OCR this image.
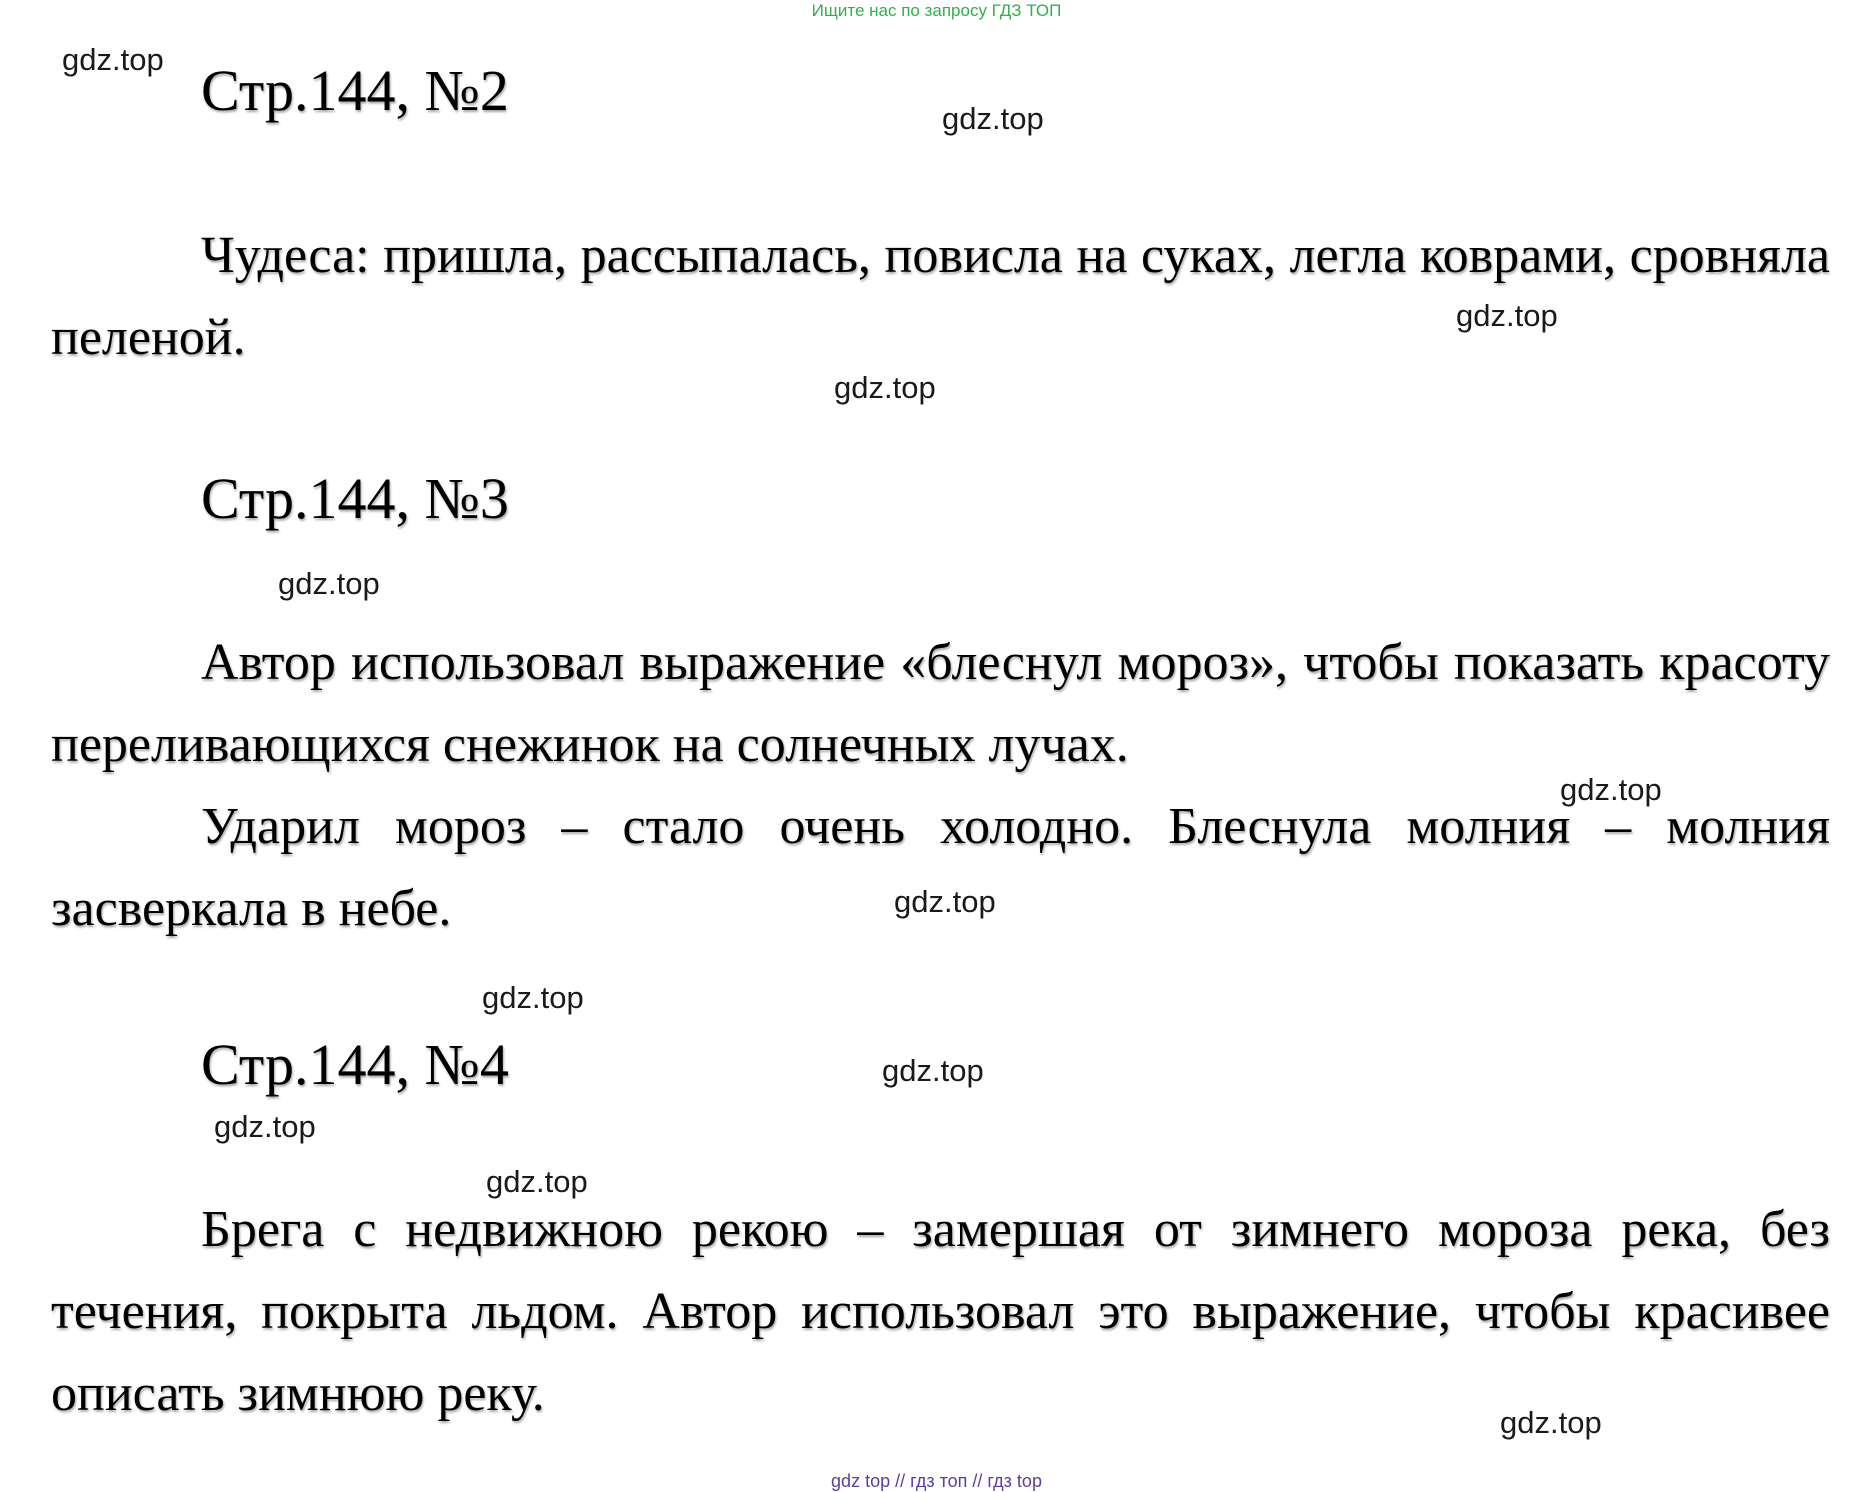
Ищите нас по запросу ГДЗ ТОП
Стр.144, №2

Чудеса: пришла, рассыпалась, повисла на суках, легла коврами, сровняла пеленой.

Стр.144, №3

Автор использовал выражение «блеснул мороз», чтобы показать красоту переливающихся снежинок на солнечных лучах.

Ударил мороз – стало очень холодно. Блеснула молния – молния засверкала в небе.

Стр.144, №4

Брега с недвижною рекою – замершая от зимнего мороза река, без течения, покрыта льдом. Автор использовал это выражение, чтобы красивее описать зимнюю реку.

gdz.top
gdz.top
gdz.top
gdz.top
gdz.top
gdz.top
gdz.top
gdz.top
gdz.top
gdz.top
gdz.top
gdz.top
gdz top // гдз топ // гдз top
